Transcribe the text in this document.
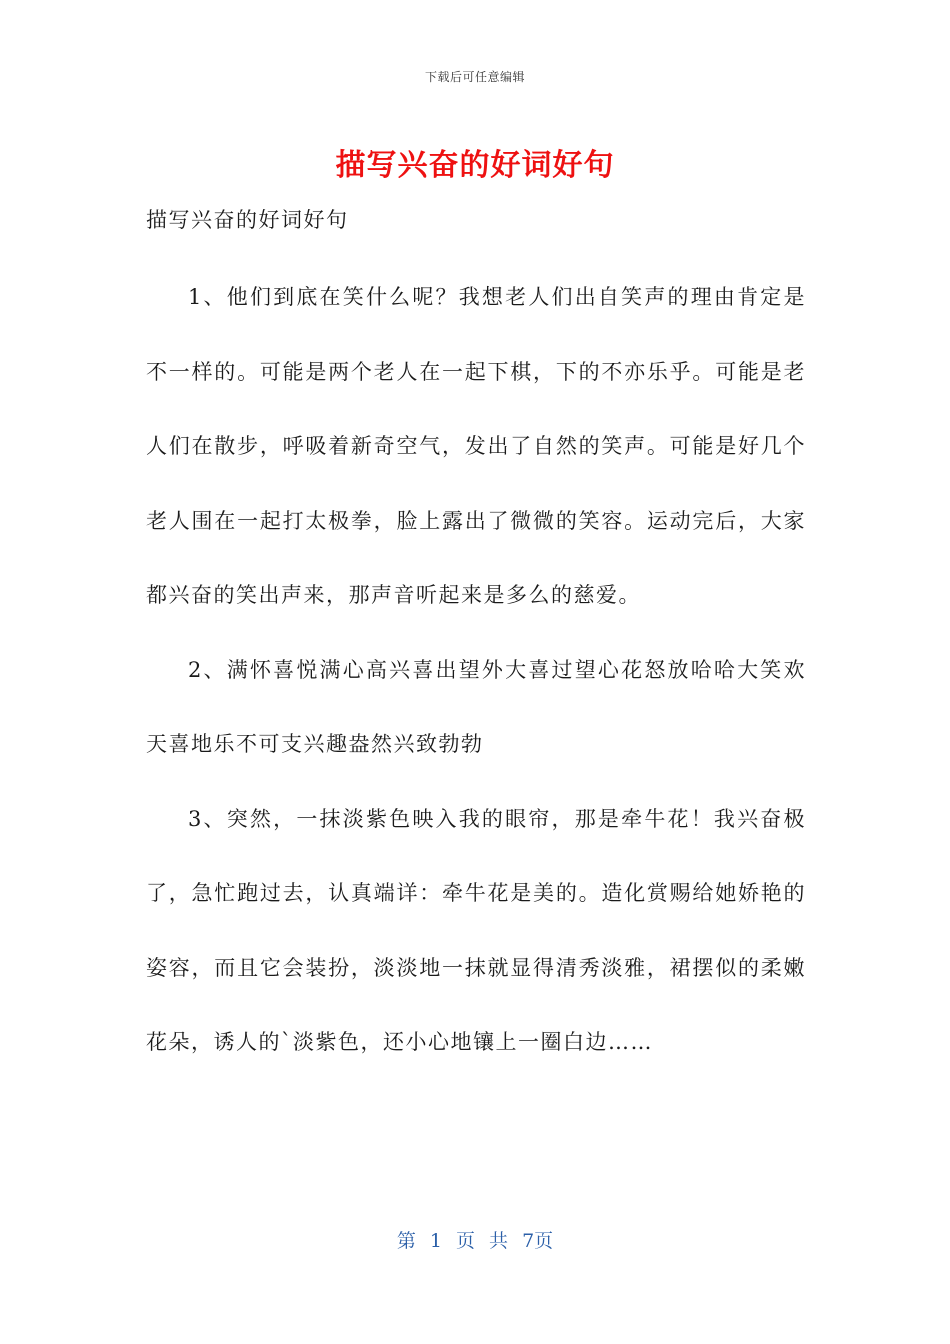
下载后可任意编辑
描写兴奋的好词好句
描写兴奋的好词好句

1、他们到底在笑什么呢？我想老人们出自笑声的理由肯定是不一样的。可能是两个老人在一起下棋，下的不亦乐乎。可能是老人们在散步，呼吸着新奇空气，发出了自然的笑声。可能是好几个老人围在一起打太极拳，脸上露出了微微的笑容。运动完后，大家都兴奋的笑出声来，那声音听起来是多么的慈爱。

2、满怀喜悦满心高兴喜出望外大喜过望心花怒放哈哈大笑欢天喜地乐不可支兴趣盎然兴致勃勃

3、突然，一抹淡紫色映入我的眼帘，那是牵牛花！我兴奋极了，急忙跑过去，认真端详：牵牛花是美的。造化赏赐给她娇艳的姿容，而且它会装扮，淡淡地一抹就显得清秀淡雅，裙摆似的柔嫩花朵，诱人的`淡紫色，还小心地镶上一圈白边……

第 1 页 共 7页
